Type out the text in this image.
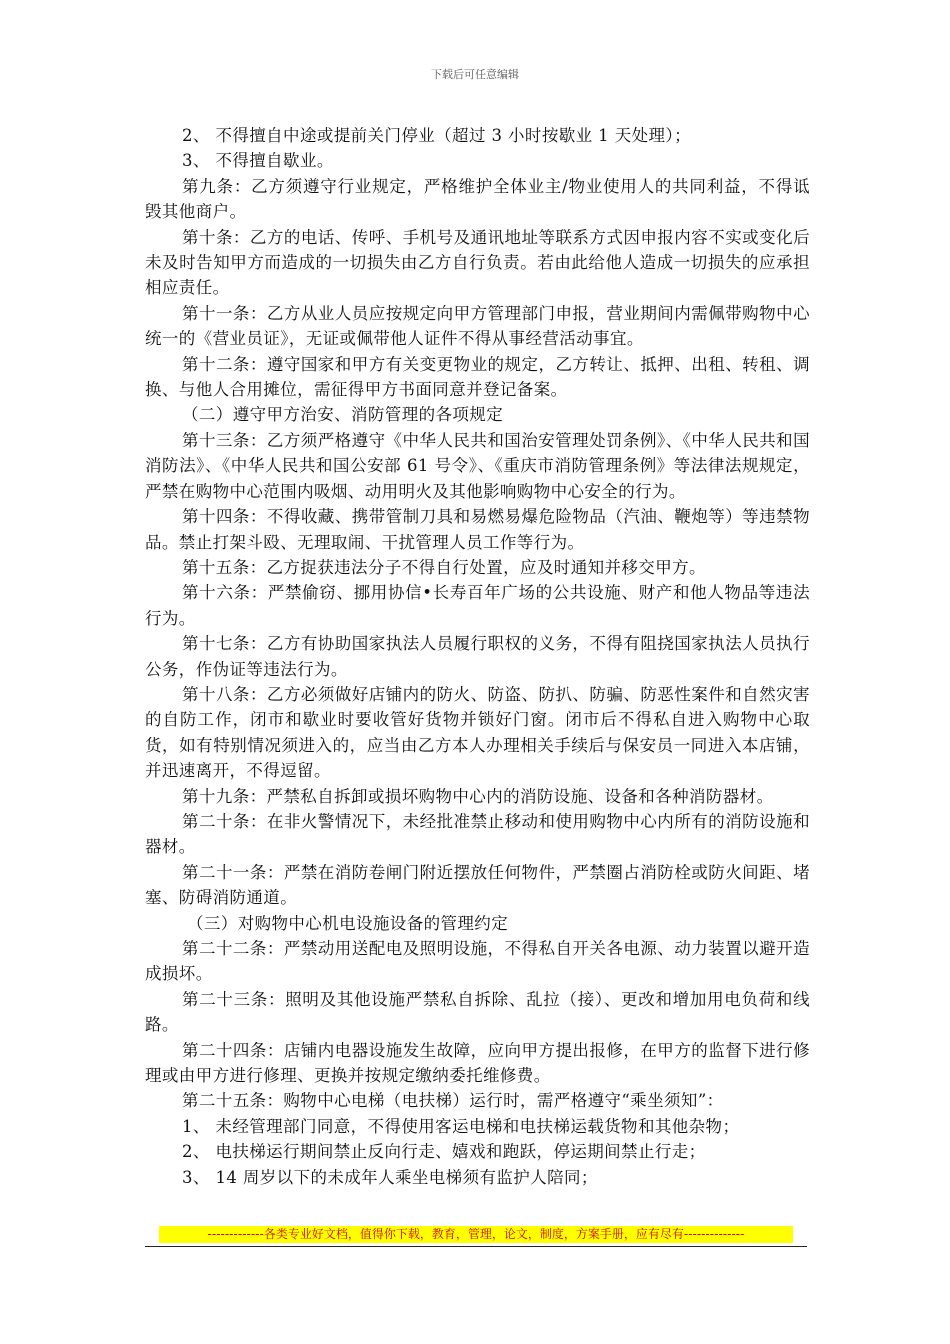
下载后可任意编辑

2、 不得擅自中途或提前关门停业（超过 3 小时按歇业 1 天处理）；

3、 不得擅自歇业。

第九条：乙方须遵守行业规定，严格维护全体业主/物业使用人的共同利益，不得诋毁其他商户。

第十条：乙方的电话、传呼、手机号及通讯地址等联系方式因申报内容不实或变化后未及时告知甲方而造成的一切损失由乙方自行负责。若由此给他人造成一切损失的应承担相应责任。

第十一条：乙方从业人员应按规定向甲方管理部门申报，营业期间内需佩带购物中心统一的《营业员证》，无证或佩带他人证件不得从事经营活动事宜。

第十二条：遵守国家和甲方有关变更物业的规定，乙方转让、抵押、出租、转租、调换、与他人合用摊位，需征得甲方书面同意并登记备案。

（二）遵守甲方治安、消防管理的各项规定

第十三条：乙方须严格遵守《中华人民共和国治安管理处罚条例》、《中华人民共和国消防法》、《中华人民共和国公安部 61 号令》、《重庆市消防管理条例》等法律法规规定，严禁在购物中心范围内吸烟、动用明火及其他影响购物中心安全的行为。

第十四条：不得收藏、携带管制刀具和易燃易爆危险物品（汽油、鞭炮等）等违禁物品。禁止打架斗殴、无理取闹、干扰管理人员工作等行为。

第十五条：乙方捉获违法分子不得自行处置，应及时通知并移交甲方。

第十六条：严禁偷窃、挪用协信•长寿百年广场的公共设施、财产和他人物品等违法行为。

第十七条：乙方有协助国家执法人员履行职权的义务，不得有阻挠国家执法人员执行公务，作伪证等违法行为。

第十八条：乙方必须做好店铺内的防火、防盗、防扒、防骗、防恶性案件和自然灾害的自防工作，闭市和歇业时要收管好货物并锁好门窗。闭市后不得私自进入购物中心取货，如有特别情况须进入的，应当由乙方本人办理相关手续后与保安员一同进入本店铺，并迅速离开，不得逗留。

第十九条：严禁私自拆卸或损坏购物中心内的消防设施、设备和各种消防器材。

第二十条：在非火警情况下，未经批准禁止移动和使用购物中心内所有的消防设施和器材。

第二十一条：严禁在消防卷闸门附近摆放任何物件，严禁圈占消防栓或防火间距、堵塞、防碍消防通道。

（三）对购物中心机电设施设备的管理约定

第二十二条：严禁动用送配电及照明设施，不得私自开关各电源、动力装置以避开造成损坏。

第二十三条：照明及其他设施严禁私自拆除、乱拉（接）、更改和增加用电负荷和线路。

第二十四条：店铺内电器设施发生故障，应向甲方提出报修，在甲方的监督下进行修理或由甲方进行修理、更换并按规定缴纳委托维修费。

第二十五条：购物中心电梯（电扶梯）运行时，需严格遵守“乘坐须知”：

1、 未经管理部门同意，不得使用客运电梯和电扶梯运载货物和其他杂物；

2、 电扶梯运行期间禁止反向行走、嬉戏和跑跃，停运期间禁止行走；

3、 14 周岁以下的未成年人乘坐电梯须有监护人陪同；

-------------各类专业好文档，值得你下载，教育，管理，论文，制度，方案手册，应有尽有--------------
